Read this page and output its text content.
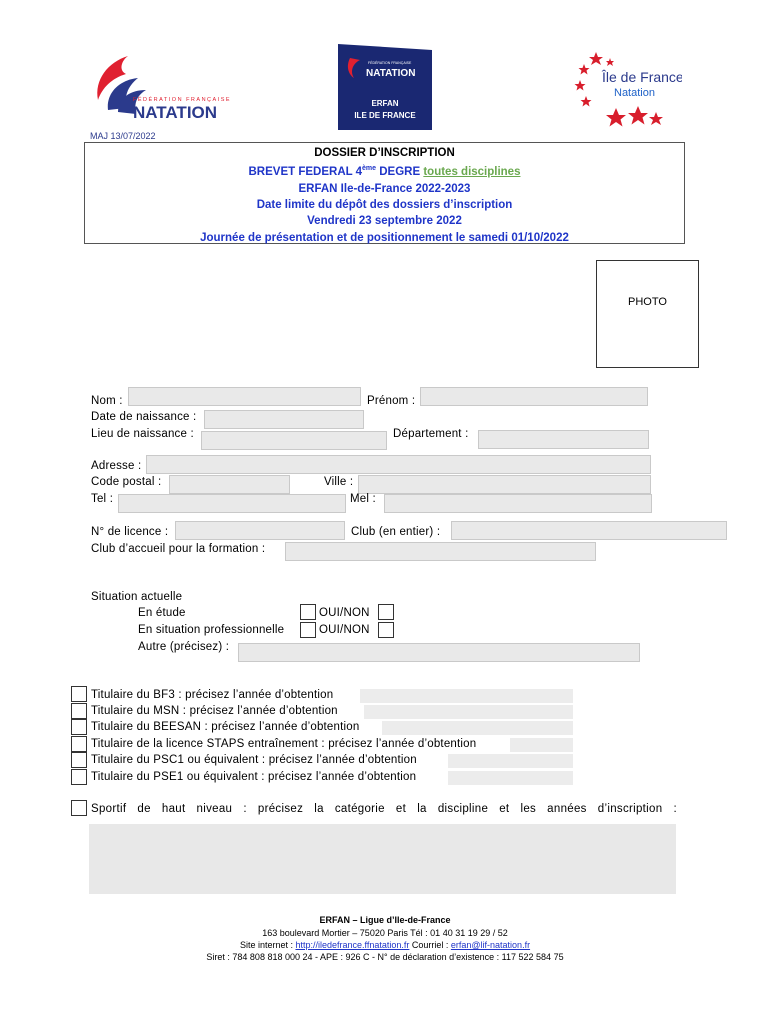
FÉDÉRATION FRANÇAISE
NATATION
FÉDÉRATION FRANÇAISE
NATATION
ERFAN
ILE DE FRANCE
Île de France
Natation
MAJ 13/07/2022
DOSSIER D’INSCRIPTION
BREVET FEDERAL 4ème DEGRE toutes disciplines
ERFAN Ile-de-France 2022-2023
Date limite du dépôt des dossiers d’inscription
Vendredi 23 septembre 2022
Journée de présentation et de positionnement le samedi 01/10/2022
PHOTO
Nom :	Prénom :
Date de naissance :
Lieu de naissance :	Département :
Adresse :
Code postal :	Ville :
Tel :	Mel :
N° de licence :	Club (en entier) :
Club d’accueil pour la formation :
Situation actuelle
En étude	OUI/NON
En situation professionnelle	OUI/NON
Autre (précisez) :
Titulaire du BF3 : précisez l’année d’obtention
Titulaire du MSN : précisez l’année d’obtention
Titulaire du BEESAN : précisez l’année d’obtention
Titulaire de la licence STAPS entraînement : précisez l’année d’obtention
Titulaire du PSC1 ou équivalent : précisez l’année d’obtention
Titulaire du PSE1 ou équivalent : précisez l’année d’obtention
Sportif de haut niveau : précisez la catégorie et la discipline et les années d’inscription :
ERFAN – Ligue d’Ile-de-France
163 boulevard Mortier – 75020 Paris Tél : 01 40 31 19 29 / 52
Site internet : http://iledefrance.ffnatation.fr Courriel : erfan@lif-natation.fr
Siret : 784 808 818 000 24 - APE : 926 C - N° de déclaration d’existence : 117 522 584 75
